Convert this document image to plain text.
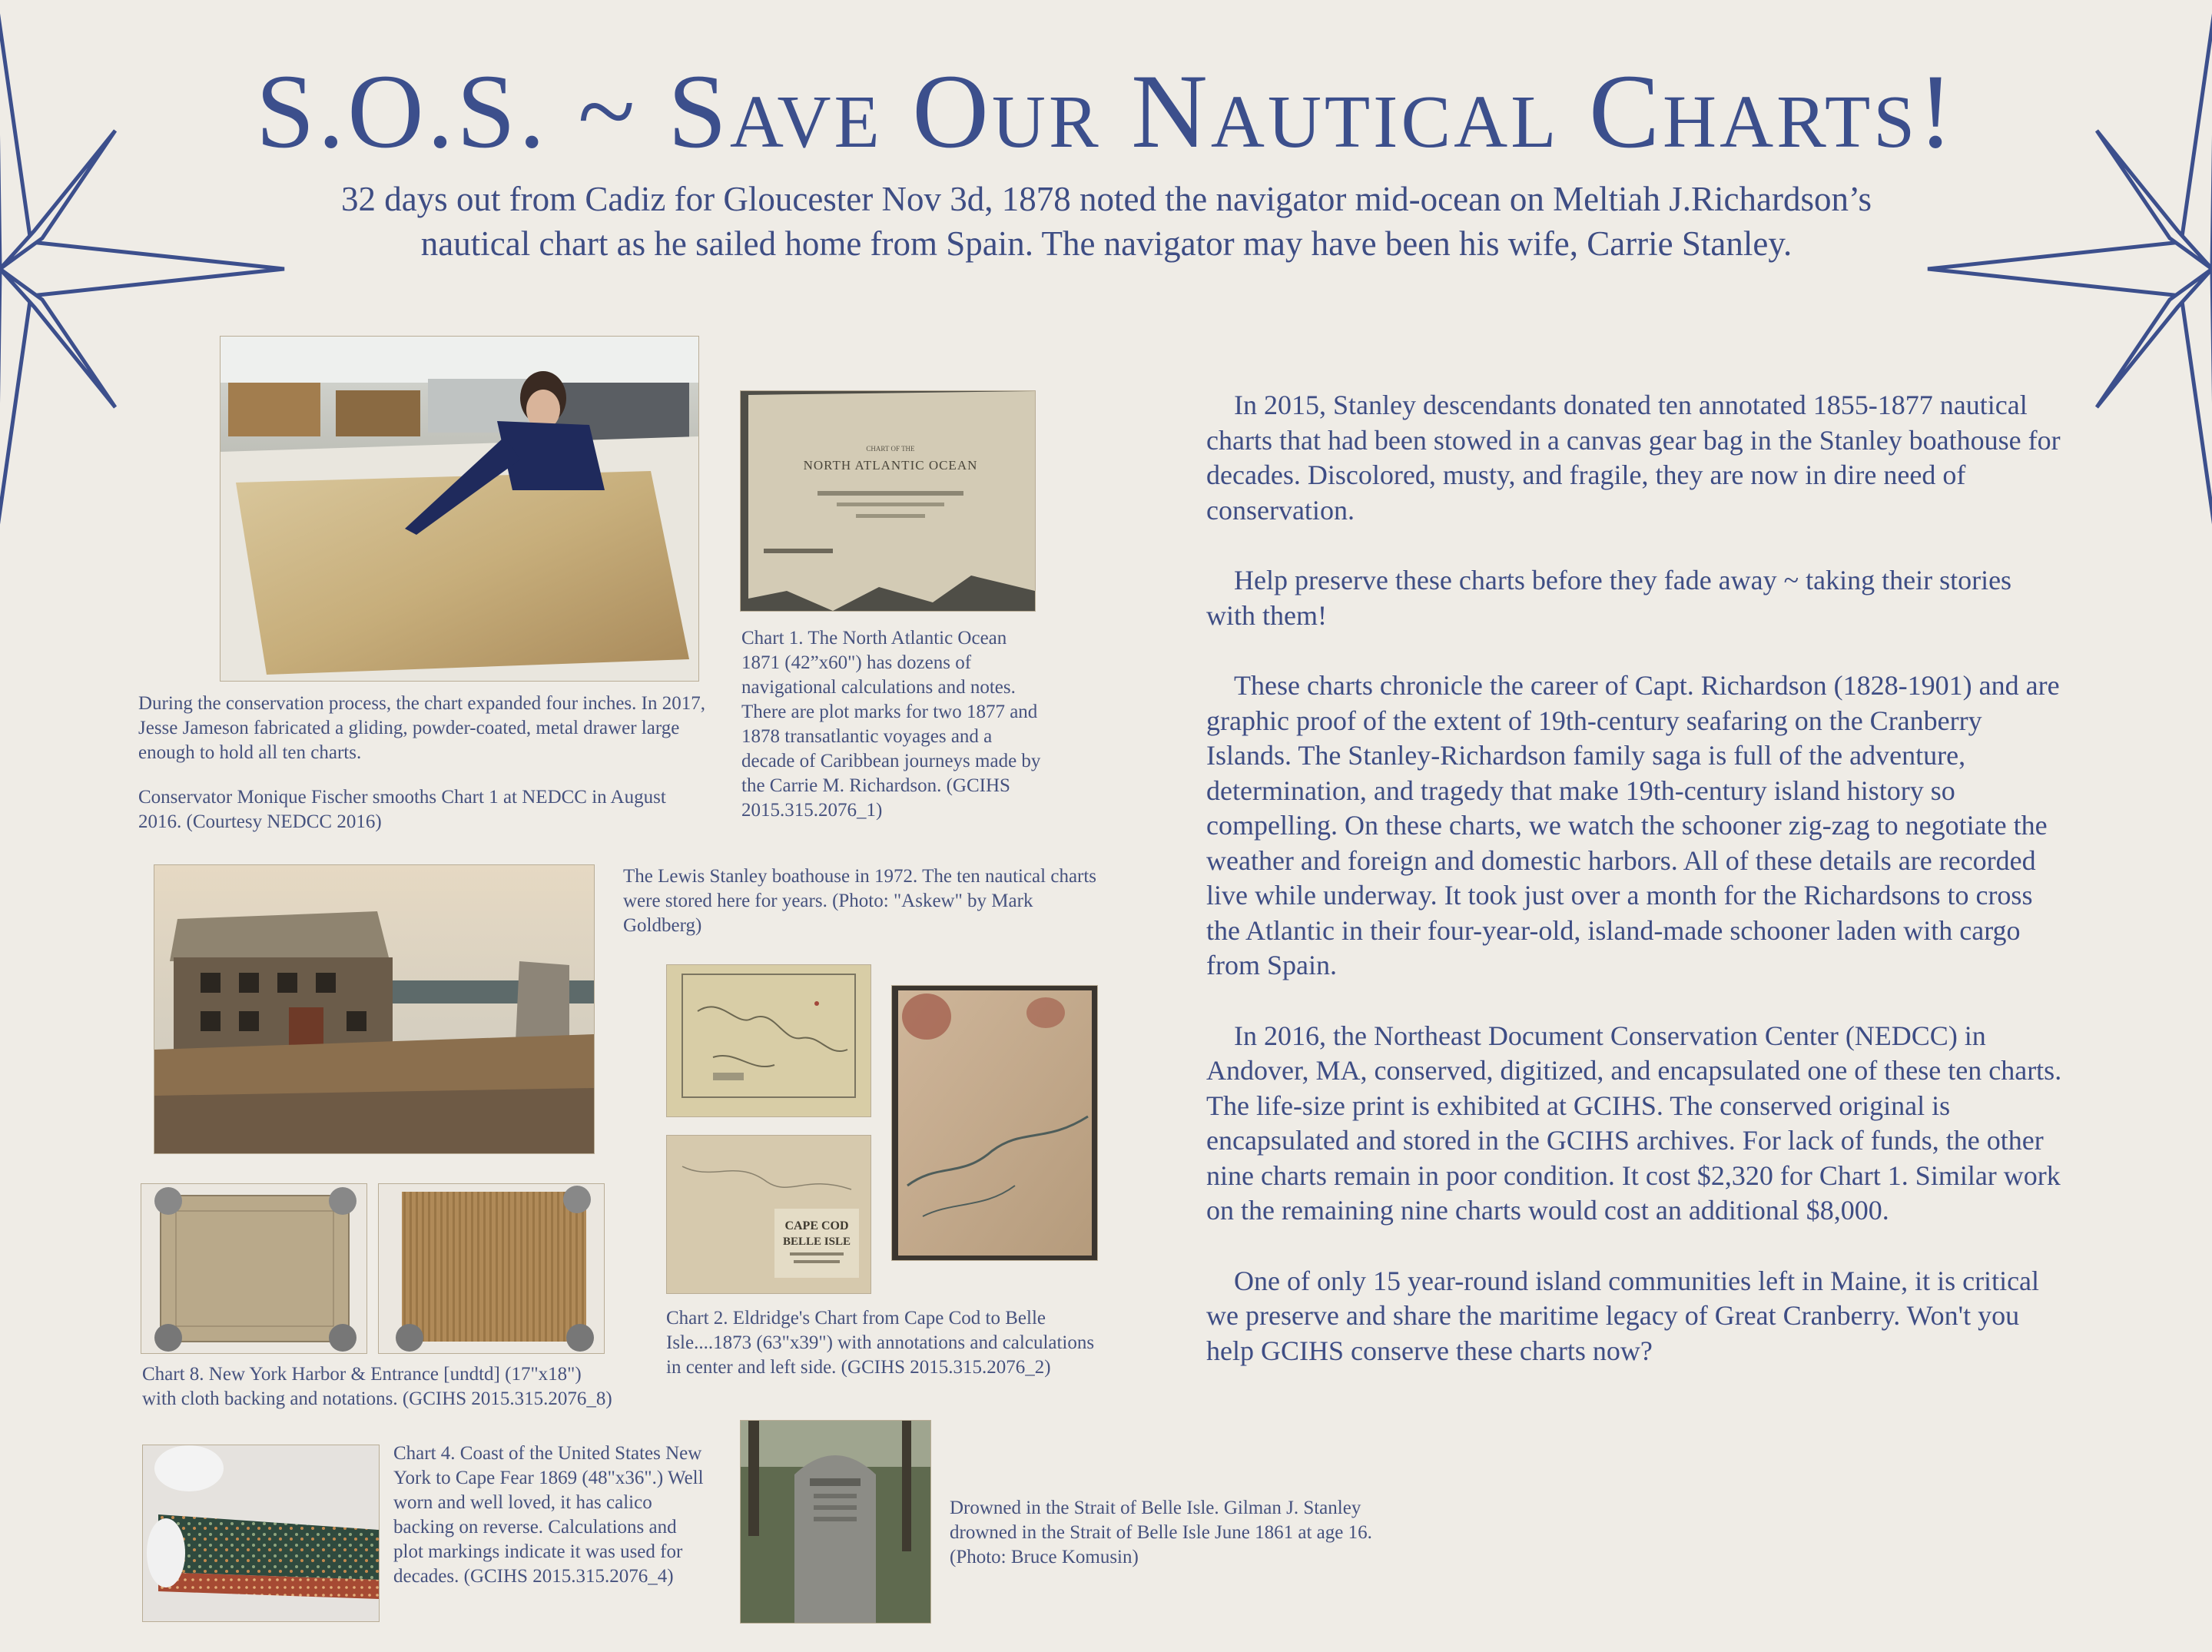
S.O.S. ~ Save Our Nautical Charts!
32 days out from Cadiz for Gloucester Nov 3d, 1878 noted the navigator mid-ocean on Meltiah J.Richardson’s
nautical chart as he sailed home from Spain. The navigator may have been his wife, Carrie Stanley.
During the conservation process, the chart expanded four inches. In 2017, Jesse Jameson fabricated a gliding, powder-coated, metal drawer large enough to hold all ten charts.
Conservator Monique Fischer smooths Chart 1 at NEDCC in August 2016. (Courtesy NEDCC 2016)
CHART OF THE
NORTH ATLANTIC OCEAN
Chart 1. The North Atlantic Ocean 1871 (42”x60") has dozens of navigational calculations and notes. There are plot marks for two 1877 and 1878 transatlantic voyages and a decade of Caribbean journeys made by the Carrie M. Richardson. (GCIHS 2015.315.2076_1)
The Lewis Stanley boathouse in 1972. The ten nautical charts were stored here for years. (Photo: "Askew" by Mark Goldberg)
CAPE COD
BELLE ISLE
Chart 2. Eldridge's Chart from Cape Cod to Belle Isle....1873 (63"x39") with annotations and calculations in center and left side. (GCIHS 2015.315.2076_2)
Chart 8. New York Harbor & Entrance [undtd] (17"x18") with cloth backing and notations. (GCIHS 2015.315.2076_8)
Chart 4. Coast of the United States New York to Cape Fear 1869 (48"x36".) Well worn and well loved, it has calico backing on reverse. Calculations and plot markings indicate it was used for decades. (GCIHS 2015.315.2076_4)
Drowned in the Strait of Belle Isle. Gilman J. Stanley drowned in the Strait of Belle Isle June 1861 at age 16. (Photo: Bruce Komusin)

In 2015, Stanley descendants donated ten annotated 1855-1877 nautical charts that had been stowed in a canvas gear bag in the Stanley boathouse for decades. Discolored, musty, and fragile, they are now in dire need of conservation.

Help preserve these charts before they fade away ~ taking their stories with them!

These charts chronicle the career of Capt. Richardson (1828-1901) and are graphic proof of the extent of 19th-century seafaring on the Cranberry Islands. The Stanley-Richardson family saga is full of the adventure, determination, and tragedy that make 19th-century island history so compelling. On these charts, we watch the schooner zig-zag to negotiate the weather and foreign and domestic harbors. All of these details are recorded live while underway. It took just over a month for the Richardsons to cross the Atlantic in their four-year-old, island-made schooner laden with cargo from Spain.

In 2016, the Northeast Document Conservation Center (NEDCC) in Andover, MA, conserved, digitized, and encapsulated one of these ten charts. The life-size print is exhibited at GCIHS. The conserved original is encapsulated and stored in the GCIHS archives. For lack of funds, the other nine charts remain in poor condition. It cost $2,320 for Chart 1. Similar work on the remaining nine charts would cost an additional $8,000.

One of only 15 year-round island communities left in Maine, it is critical we preserve and share the maritime legacy of Great Cranberry. Won't you help GCIHS conserve these charts now?
